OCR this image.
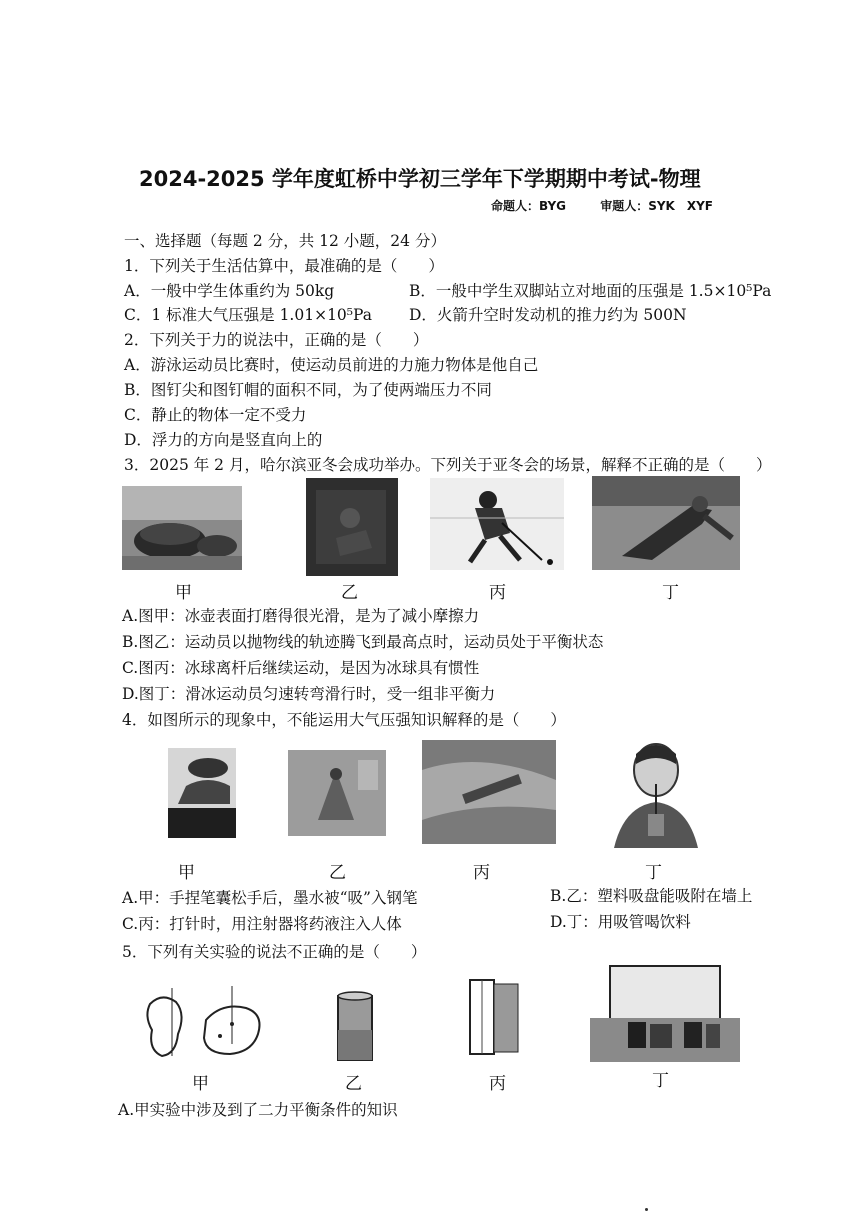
2024-2025 学年度虹桥中学初三学年下学期期中考试-物理
命题人：BYG	审题人：SYK　XYF
一、选择题（每题 2 分，共 12 小题，24 分）
1．下列关于生活估算中，最准确的是（　　）
A．一般中学生体重约为 50kg	B．一般中学生双脚站立对地面的压强是 1.5×10⁵Pa
C．1 标准大气压强是 1.01×10⁵Pa D．火箭升空时发动机的推力约为 500N
2．下列关于力的说法中，正确的是（　　）
A．游泳运动员比赛时，使运动员前进的力施力物体是他自己
B．图钉尖和图钉帽的面积不同，为了使两端压力不同
C．静止的物体一定不受力
D．浮力的方向是竖直向上的
3．2025 年 2 月，哈尔滨亚冬会成功举办。下列关于亚冬会的场景，解释不正确的是（　　）
甲	乙	丙	丁
A.图甲：冰壶表面打磨得很光滑，是为了减小摩擦力
B.图乙：运动员以抛物线的轨迹腾飞到最高点时，运动员处于平衡状态
C.图丙：冰球离杆后继续运动，是因为冰球具有惯性
D.图丁：滑冰运动员匀速转弯滑行时，受一组非平衡力
4．如图所示的现象中，不能运用大气压强知识解释的是（　　）
甲	乙	丙	丁
A.甲：手捏笔囊松手后，墨水被“吸”入钢笔	B.乙：塑料吸盘能吸附在墙上
C.丙：打针时，用注射器将药液注入人体	D.丁：用吸管喝饮料
5．下列有关实验的说法不正确的是（　　）
甲	乙	丙	丁
A.甲实验中涉及到了二力平衡条件的知识
